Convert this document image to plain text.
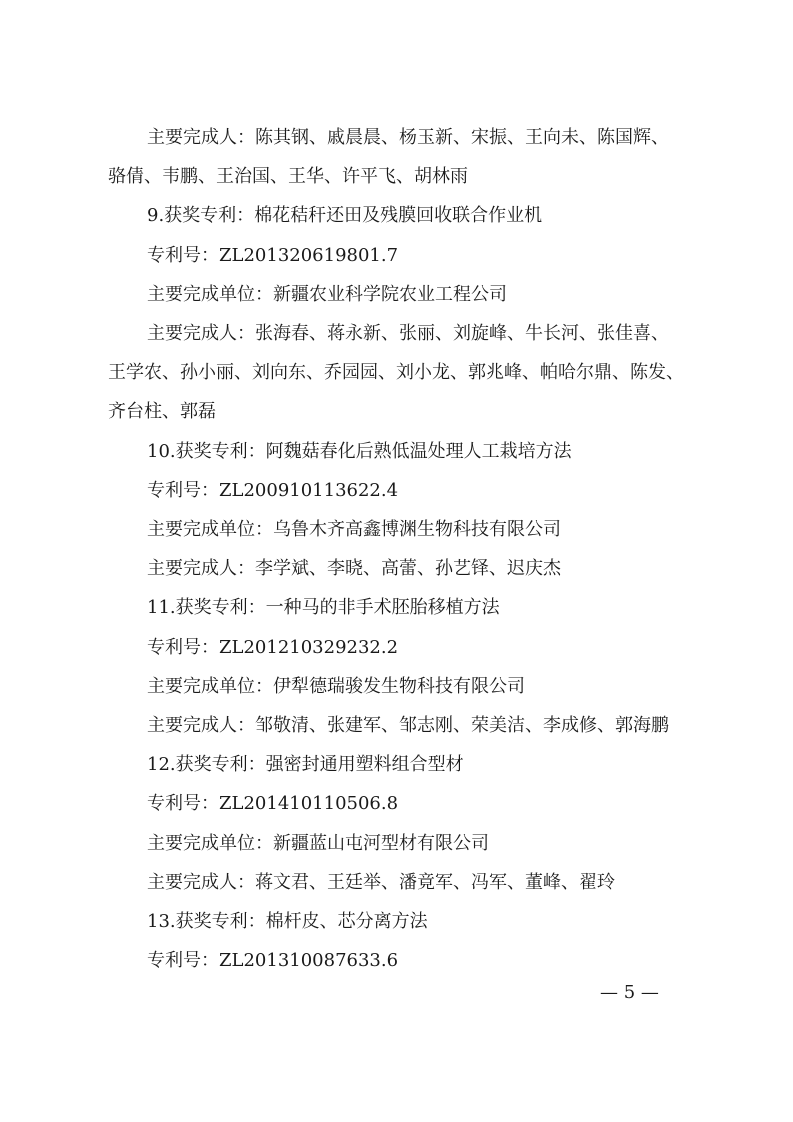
主要完成人：陈其钢、戚晨晨、杨玉新、宋振、王向未、陈国辉、
骆倩、韦鹏、王治国、王华、许平飞、胡林雨
9.获奖专利：棉花秸秆还田及残膜回收联合作业机
专利号：ZL201320619801.7
主要完成单位：新疆农业科学院农业工程公司
主要完成人：张海春、蒋永新、张丽、刘旋峰、牛长河、张佳喜、
王学农、孙小丽、刘向东、乔园园、刘小龙、郭兆峰、帕哈尔鼎、陈发、
齐台柱、郭磊
10.获奖专利：阿魏菇春化后熟低温处理人工栽培方法
专利号：ZL200910113622.4
主要完成单位：乌鲁木齐高鑫博渊生物科技有限公司
主要完成人：李学斌、李晓、高蕾、孙艺铎、迟庆杰
11.获奖专利：一种马的非手术胚胎移植方法
专利号：ZL201210329232.2
主要完成单位：伊犁德瑞骏发生物科技有限公司
主要完成人：邹敬清、张建军、邹志刚、荣美洁、李成修、郭海鹏
12.获奖专利：强密封通用塑料组合型材
专利号：ZL201410110506.8
主要完成单位：新疆蓝山屯河型材有限公司
主要完成人：蒋文君、王廷举、潘竟军、冯军、董峰、翟玲
13.获奖专利：棉杆皮、芯分离方法
专利号：ZL201310087633.6
— 5 —
